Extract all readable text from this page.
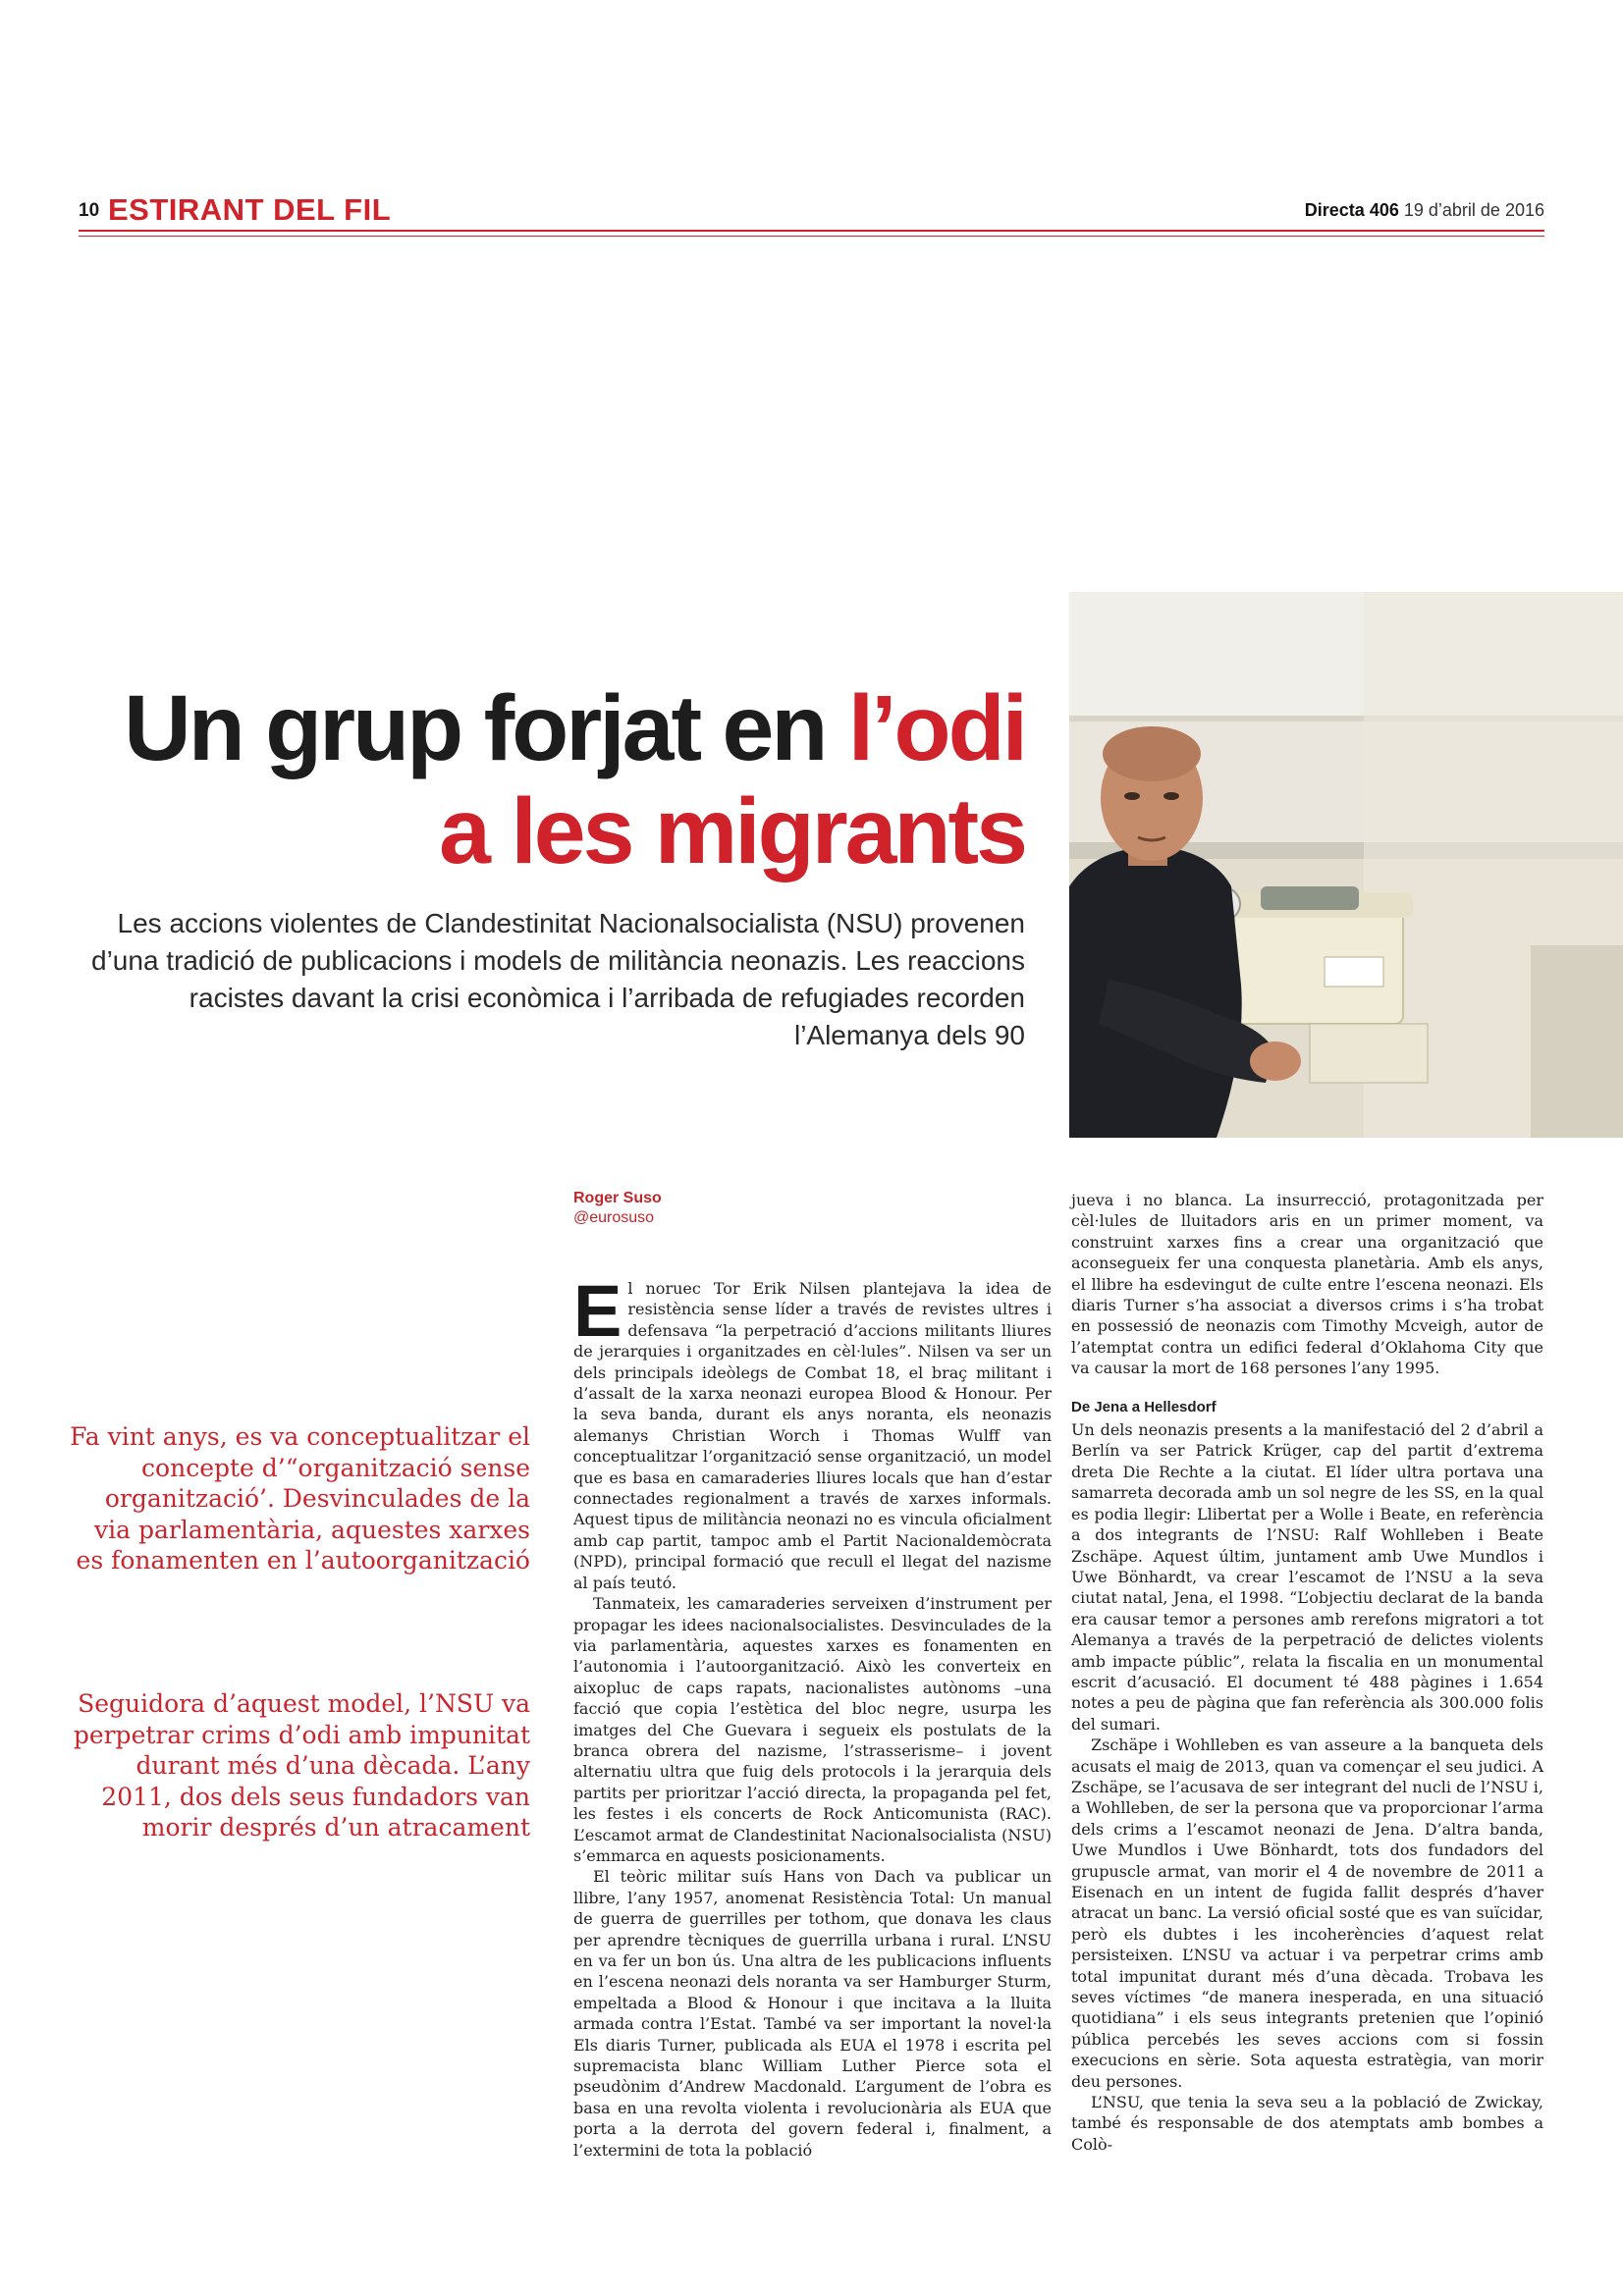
10 ESTIRANT DEL FIL	Directa 406 19 d’abril de 2016
Un grup forjat en l’odi
a les migrants

Les accions violentes de Clandestinitat Nacionalsocialista (NSU) provenen d’una tradició de publicacions i models de militància neonazis. Les reaccions racistes davant la crisi econòmica i l’arribada de refugiades recorden l’Alemanya dels 90

Roger Suso
@eurosuso

Fa vint anys, es va conceptualitzar el concepte d’“organització sense organització’. Desvinculades de la via parlamentària, aquestes xarxes es fonamenten en l’autoorganització

Seguidora d’aquest model, l’NSU va perpetrar crims d’odi amb impunitat durant més d’una dècada. L’any 2011, dos dels seus fundadors van morir després d’un atracament

E l noruec Tor Erik Nilsen plantejava la idea de resistència sense líder a través de revistes ultres i defensava “la perpetració d’accions militants lliures de jerarquies i organitzades en cèl·lules”. Nilsen va ser un dels principals ideòlegs de Combat 18, el braç militant i d’assalt de la xarxa neonazi europea Blood & Honour. Per la seva banda, durant els anys noranta, els neonazis alemanys Christian Worch i Thomas Wulff van conceptualitzar l’organització sense organització, un model que es basa en camaraderies lliures locals que han d’estar connectades regionalment a través de xarxes informals. Aquest tipus de militància neonazi no es vincula oficialment amb cap partit, tampoc amb el Partit Nacionaldemòcrata (NPD), principal formació que recull el llegat del nazisme al país teutó.

Tanmateix, les camaraderies serveixen d’instrument per propagar les idees nacionalsocialistes. Desvinculades de la via parlamentària, aquestes xarxes es fonamenten en l’autonomia i l’autoorganització. Això les converteix en aixopluc de caps rapats, nacionalistes autònoms –una facció que copia l’estètica del bloc negre, usurpa les imatges del Che Guevara i segueix els postulats de la branca obrera del nazisme, l’strasserisme– i jovent alternatiu ultra que fuig dels protocols i la jerarquia dels partits per prioritzar l’acció directa, la propaganda pel fet, les festes i els concerts de Rock Anticomunista (RAC). L’escamot armat de Clandestinitat Nacionalsocialista (NSU) s’emmarca en aquests posicionaments.

El teòric militar suís Hans von Dach va publicar un llibre, l’any 1957, anomenat Resistència Total: Un manual de guerra de guerrilles per tothom, que donava les claus per aprendre tècniques de guerrilla urbana i rural. L’NSU en va fer un bon ús. Una altra de les publicacions influents en l’escena neonazi dels noranta va ser Hamburger Sturm, empeltada a Blood & Honour i que incitava a la lluita armada contra l’Estat. També va ser important la novel·la Els diaris Turner, publicada als EUA el 1978 i escrita pel supremacista blanc William Luther Pierce sota el pseudònim d’Andrew Macdonald. L’argument de l’obra es basa en una revolta violenta i revolucionària als EUA que porta a la derrota del govern federal i, finalment, a l’extermini de tota la població

jueva i no blanca. La insurrecció, protagonitzada per cèl·lules de lluitadors aris en un primer moment, va construint xarxes fins a crear una organització que aconsegueix fer una conquesta planetària. Amb els anys, el llibre ha esdevingut de culte entre l’escena neonazi. Els diaris Turner s’ha associat a diversos crims i s’ha trobat en possessió de neonazis com Timothy Mcveigh, autor de l’atemptat contra un edifici federal d’Oklahoma City que va causar la mort de 168 persones l’any 1995.

De Jena a Hellesdorf

Un dels neonazis presents a la manifestació del 2 d’abril a Berlín va ser Patrick Krüger, cap del partit d’extrema dreta Die Rechte a la ciutat. El líder ultra portava una samarreta decorada amb un sol negre de les SS, en la qual es podia llegir: Llibertat per a Wolle i Beate, en referència a dos integrants de l’NSU: Ralf Wohlleben i Beate Zschäpe. Aquest últim, juntament amb Uwe Mundlos i Uwe Bönhardt, va crear l’escamot de l’NSU a la seva ciutat natal, Jena, el 1998. “L’objectiu declarat de la banda era causar temor a persones amb rerefons migratori a tot Alemanya a través de la perpetració de delictes violents amb impacte públic”, relata la fiscalia en un monumental escrit d’acusació. El document té 488 pàgines i 1.654 notes a peu de pàgina que fan referència als 300.000 folis del sumari.

Zschäpe i Wohlleben es van asseure a la banqueta dels acusats el maig de 2013, quan va començar el seu judici. A Zschäpe, se l’acusava de ser integrant del nucli de l’NSU i, a Wohlleben, de ser la persona que va proporcionar l’arma dels crims a l’escamot neonazi de Jena. D’altra banda, Uwe Mundlos i Uwe Bönhardt, tots dos fundadors del grupuscle armat, van morir el 4 de novembre de 2011 a Eisenach en un intent de fugida fallit després d’haver atracat un banc. La versió oficial sosté que es van suïcidar, però els dubtes i les incoherències d’aquest relat persisteixen. L’NSU va actuar i va perpetrar crims amb total impunitat durant més d’una dècada. Trobava les seves víctimes “de manera inesperada, en una situació quotidiana” i els seus integrants pretenien que l’opinió pública percebés les seves accions com si fossin execucions en sèrie. Sota aquesta estratègia, van morir deu persones.

L’NSU, que tenia la seva seu a la població de Zwickay, també és responsable de dos atemptats amb bombes a Colò-
